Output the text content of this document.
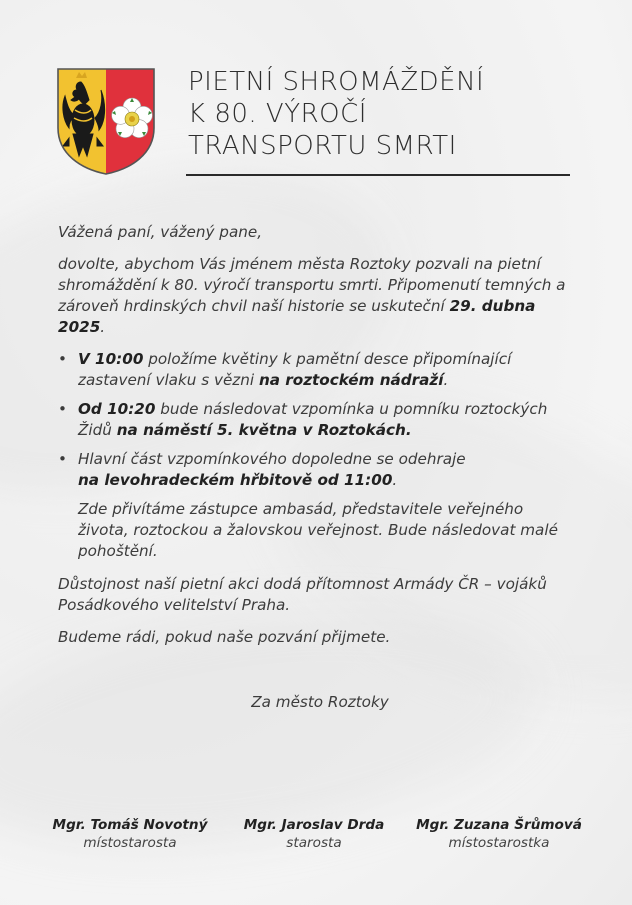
PIETNÍ SHROMÁŽDĚNÍ
K 80. VÝROČÍ
TRANSPORTU SMRTI

Vážená paní, vážený pane,

dovolte, abychom Vás jménem města Roztoky pozvali na pietní shromáždění k 80. výročí transportu smrti. Připomenutí temných a zároveň hrdinských chvil naší historie se uskuteční 29. dubna 2025.

• V 10:00 položíme květiny k pamětní desce připomínající zastavení vlaku s vězni na roztockém nádraží.
• Od 10:20 bude následovat vzpomínka u pomníku roztockých Židů na náměstí 5. května v Roztokách.
• Hlavní část vzpomínkového dopoledne se odehraje
na levohradeckém hřbitově od 11:00.

Zde přivítáme zástupce ambasád, představitele veřejného života, roztockou a žalovskou veřejnost. Bude následovat malé pohoštění.

Důstojnost naší pietní akci dodá přítomnost Armády ČR – vojáků Posádkového velitelství Praha.

Budeme rádi, pokud naše pozvání přijmete.

Za město Roztoky
Mgr. Tomáš Novotný
místostarosta
Mgr. Jaroslav Drda
starosta
Mgr. Zuzana Šrůmová
místostarostka
